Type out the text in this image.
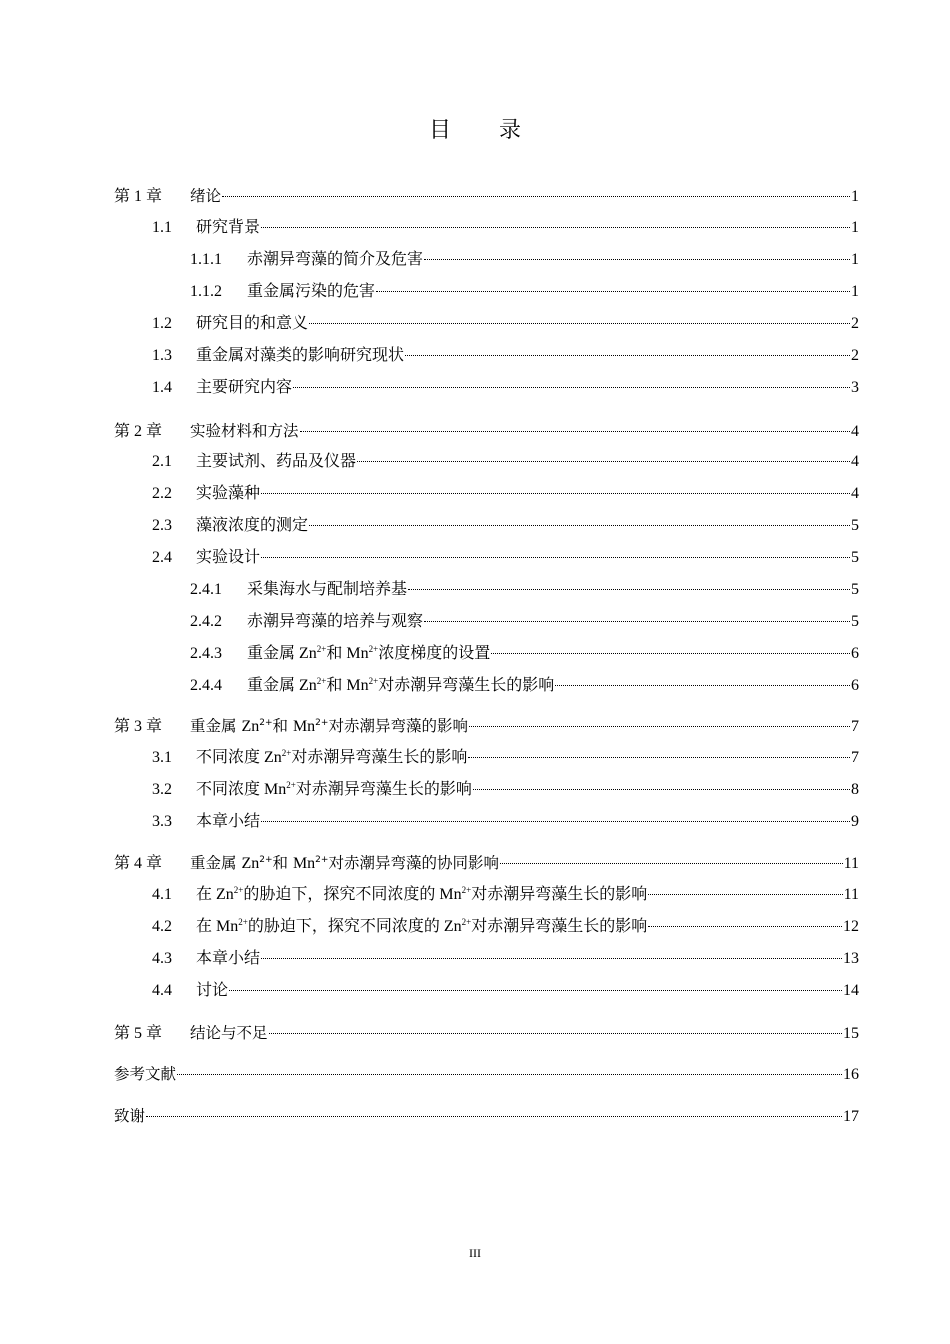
目 录
第 1 章	绪论	1
1.1	研究背景	1
1.1.1	赤潮异弯藻的简介及危害	1
1.1.2	重金属污染的危害	1
1.2	研究目的和意义	2
1.3	重金属对藻类的影响研究现状	2
1.4	主要研究内容	3
第 2 章	实验材料和方法	4
2.1	主要试剂、药品及仪器	4
2.2	实验藻种	4
2.3	藻液浓度的测定	5
2.4	实验设计	5
2.4.1	采集海水与配制培养基	5
2.4.2	赤潮异弯藻的培养与观察	5
2.4.3	重金属 $Zn^{2+}$和 $Mn^{2+}$浓度梯度的设置	6
2.4.4	重金属 $Zn^{2+}$和 $Mn^{2+}$对赤潮异弯藻生长的影响	6
第 3 章	重金属 $Zn^{2+}$和 $Mn^{2+}$对赤潮异弯藻的影响	7
3.1	不同浓度 $Zn^{2+}$对赤潮异弯藻生长的影响	7
3.2	不同浓度 $Mn^{2+}$对赤潮异弯藻生长的影响	8
3.3	本章小结	9
第 4 章	重金属 $Zn^{2+}$和 $Mn^{2+}$对赤潮异弯藻的协同影响	11
4.1	在 $Zn^{2+}$的胁迫下，探究不同浓度的 $Mn^{2+}$对赤潮异弯藻生长的影响	11
4.2	在 $Mn^{2+}$的胁迫下，探究不同浓度的 $Zn^{2+}$对赤潮异弯藻生长的影响	12
4.3	本章小结	13
4.4	讨论	14
第 5 章	结论与不足	15
参考文献	16
致谢	17
III
